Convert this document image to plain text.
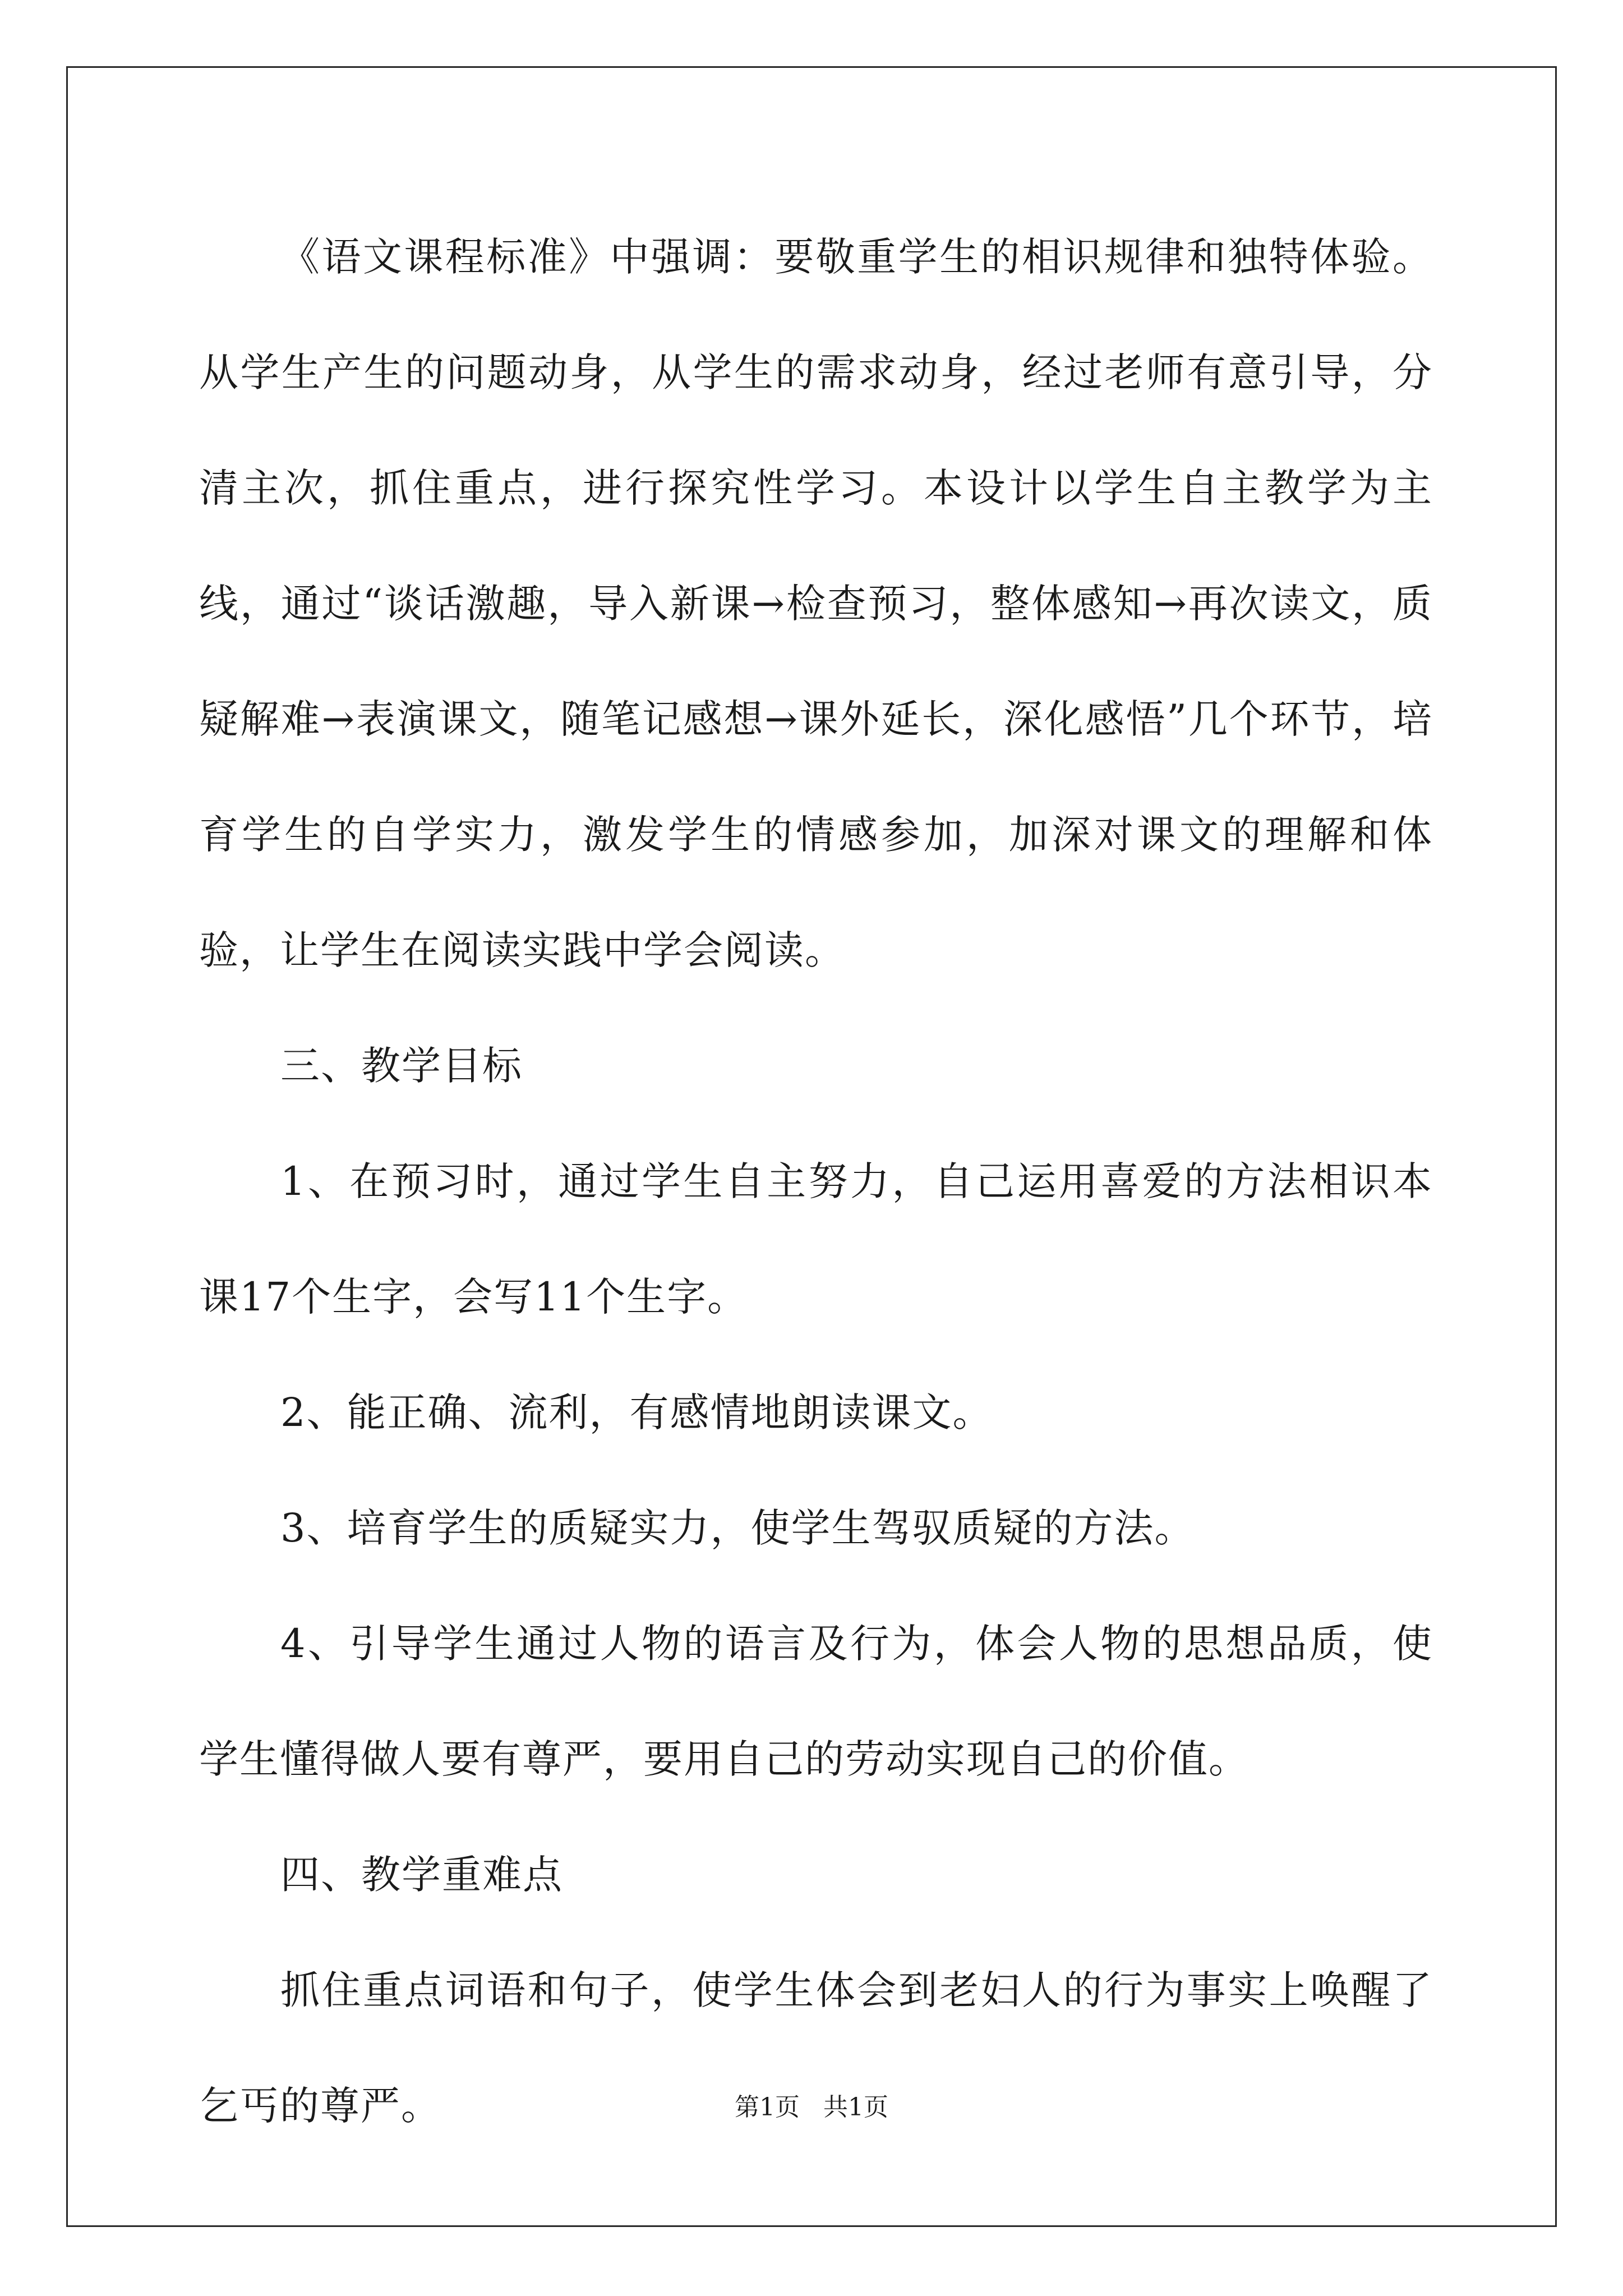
《语文课程标准》中强调：要敬重学生的相识规律和独特体验。从学生产生的问题动身，从学生的需求动身，经过老师有意引导，分清主次，抓住重点，进行探究性学习。本设计以学生自主教学为主线，通过“谈话激趣，导入新课→检查预习，整体感知→再次读文，质疑解难→表演课文，随笔记感想→课外延长，深化感悟”几个环节，培育学生的自学实力，激发学生的情感参加，加深对课文的理解和体验，让学生在阅读实践中学会阅读。

三、教学目标

1、在预习时，通过学生自主努力，自己运用喜爱的方法相识本课17个生字，会写11个生字。

2、能正确、流利，有感情地朗读课文。

3、培育学生的质疑实力，使学生驾驭质疑的方法。

4、引导学生通过人物的语言及行为，体会人物的思想品质，使学生懂得做人要有尊严，要用自己的劳动实现自己的价值。

四、教学重难点

抓住重点词语和句子，使学生体会到老妇人的行为事实上唤醒了乞丐的尊严。	第1页 共1页
